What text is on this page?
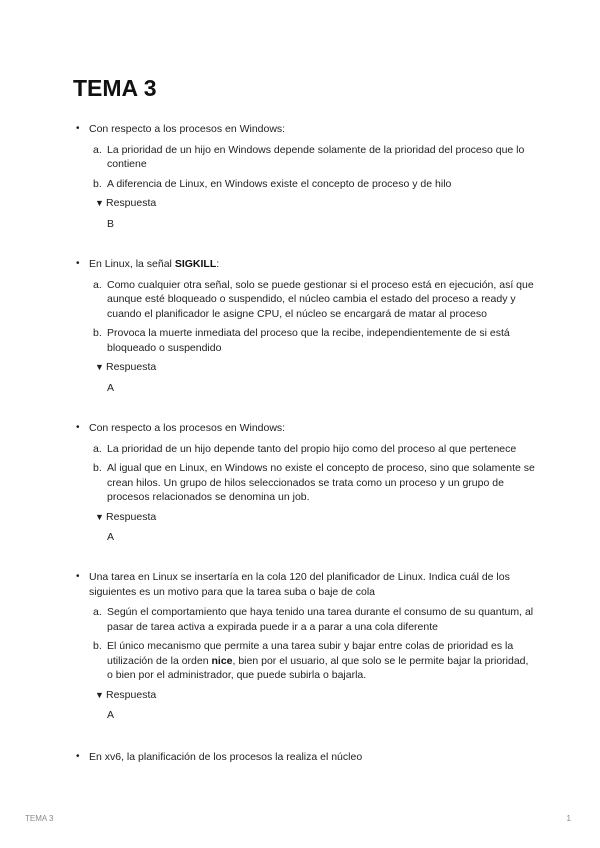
TEMA 3
• Con respecto a los procesos en Windows:
a. La prioridad de un hijo en Windows depende solamente de la prioridad del proceso que lo contiene
b. A diferencia de Linux, en Windows existe el concepto de proceso y de hilo
▼ Respuesta
B
• En Linux, la señal SIGKILL:
a. Como cualquier otra señal, solo se puede gestionar si el proceso está en ejecución, así que aunque esté bloqueado o suspendido, el núcleo cambia el estado del proceso a ready y cuando el planificador le asigne CPU, el núcleo se encargará de matar al proceso
b. Provoca la muerte inmediata del proceso que la recibe, independientemente de si está bloqueado o suspendido
▼ Respuesta
A
• Con respecto a los procesos en Windows:
a. La prioridad de un hijo depende tanto del propio hijo como del proceso al que pertenece
b. Al igual que en Linux, en Windows no existe el concepto de proceso, sino que solamente se crean hilos. Un grupo de hilos seleccionados se trata como un proceso y un grupo de procesos relacionados se denomina un job.
▼ Respuesta
A
• Una tarea en Linux se insertaría en la cola 120 del planificador de Linux. Indica cuál de los siguientes es un motivo para que la tarea suba o baje de cola
a. Según el comportamiento que haya tenido una tarea durante el consumo de su quantum, al pasar de tarea activa a expirada puede ir a a parar a una cola diferente
b. El único mecanismo que permite a una tarea subir y bajar entre colas de prioridad es la utilización de la orden nice, bien por el usuario, al que solo se le permite bajar la prioridad, o bien por el administrador, que puede subirla o bajarla.
▼ Respuesta
A
• En xv6, la planificación de los procesos la realiza el núcleo
TEMA 3	1
